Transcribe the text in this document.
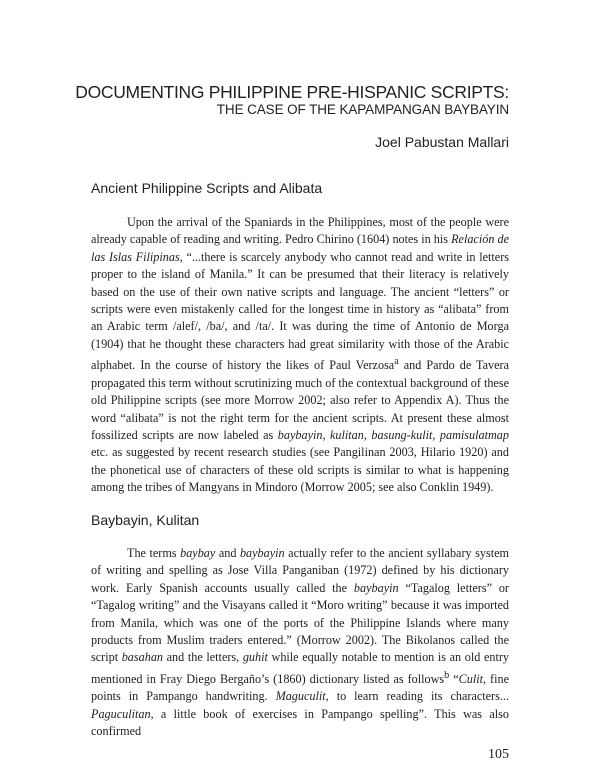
DOCUMENTING PHILIPPINE PRE-HISPANIC SCRIPTS:
THE CASE OF THE KAPAMPANGAN BAYBAYIN
Joel Pabustan Mallari
Ancient Philippine Scripts and Alibata

Upon the arrival of the Spaniards in the Philippines, most of the people were already capable of reading and writing. Pedro Chirino (1604) notes in his Relación de las Islas Filipinas, “...there is scarcely anybody who cannot read and write in letters proper to the island of Manila.” It can be presumed that their literacy is relatively based on the use of their own native scripts and language. The ancient “letters” or scripts were even mistakenly called for the longest time in history as “alibata” from an Arabic term /alef/, /ba/, and /ta/. It was during the time of Antonio de Morga (1904) that he thought these characters had great similarity with those of the Arabic alphabet. In the course of history the likes of Paul Verzosa$^a$ and Pardo de Tavera propagated this term without scrutinizing much of the contextual background of these old Philippine scripts (see more Morrow 2002; also refer to Appendix A). Thus the word “alibata” is not the right term for the ancient scripts. At present these almost fossilized scripts are now labeled as baybayin, kulitan, basung-kulit, pamisulatmap etc. as suggested by recent research studies (see Pangilinan 2003, Hilario 1920) and the phonetical use of characters of these old scripts is similar to what is happening among the tribes of Mangyans in Mindoro (Morrow 2005; see also Conklin 1949).

Baybayin, Kulitan

The terms baybay and baybayin actually refer to the ancient syllabary system of writing and spelling as Jose Villa Panganiban (1972) defined by his dictionary work. Early Spanish accounts usually called the baybayin “Tagalog letters” or “Tagalog writing” and the Visayans called it “Moro writing” because it was imported from Manila, which was one of the ports of the Philippine Islands where many products from Muslim traders entered.” (Morrow 2002). The Bikolanos called the script basahan and the letters, guhit while equally notable to mention is an old entry mentioned in Fray Diego Bergaño’s (1860) dictionary listed as follows$^b$ “Culit, fine points in Pampango handwriting. Maguculit, to learn reading its characters... Paguculitan, a little book of exercises in Pampango spelling”. This was also confirmed

105
